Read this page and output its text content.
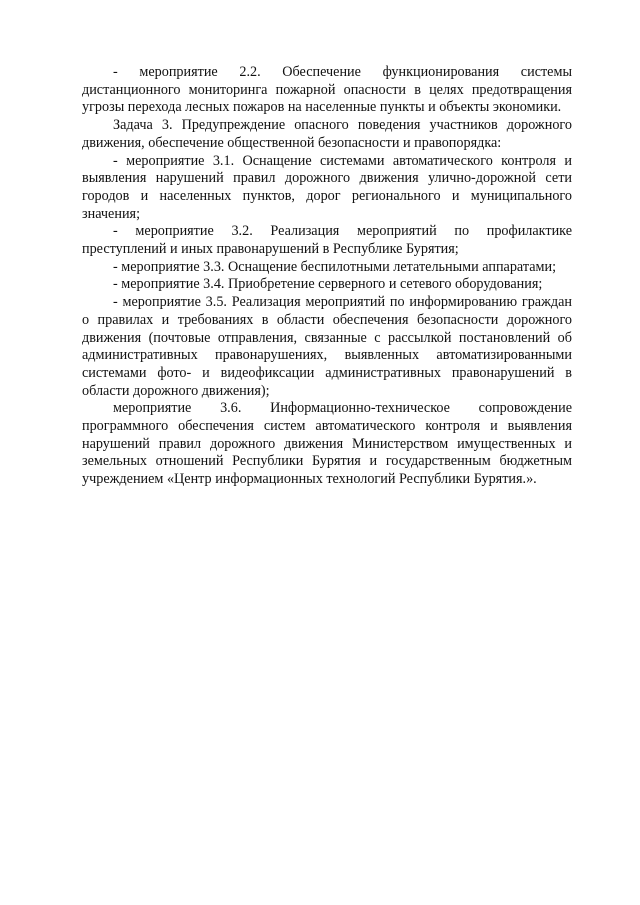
- мероприятие 2.2. Обеспечение функционирования системы дистанционного мониторинга пожарной опасности в целях предотвращения угрозы перехода лесных пожаров на населенные пункты и объекты экономики.

Задача 3. Предупреждение опасного поведения участников дорожного движения, обеспечение общественной безопасности и правопорядка:

- мероприятие 3.1. Оснащение системами автоматического контроля и выявления нарушений правил дорожного движения улично-дорожной сети городов и населенных пунктов, дорог регионального и муниципального значения;

- мероприятие 3.2. Реализация мероприятий по профилактике преступлений и иных правонарушений в Республике Бурятия;

- мероприятие 3.3. Оснащение беспилотными летательными аппаратами;

- мероприятие 3.4. Приобретение серверного и сетевого оборудования;

- мероприятие 3.5. Реализация мероприятий по информированию граждан о правилах и требованиях в области обеспечения безопасности дорожного движения (почтовые отправления, связанные с рассылкой постановлений об административных правонарушениях, выявленных автоматизированными системами фото- и видеофиксации административных правонарушений в области дорожного движения);

мероприятие 3.6. Информационно-техническое сопровождение программного обеспечения систем автоматического контроля и выявления нарушений правил дорожного движения Министерством имущественных и земельных отношений Республики Бурятия и государственным бюджетным учреждением «Центр информационных технологий Республики Бурятия.».
